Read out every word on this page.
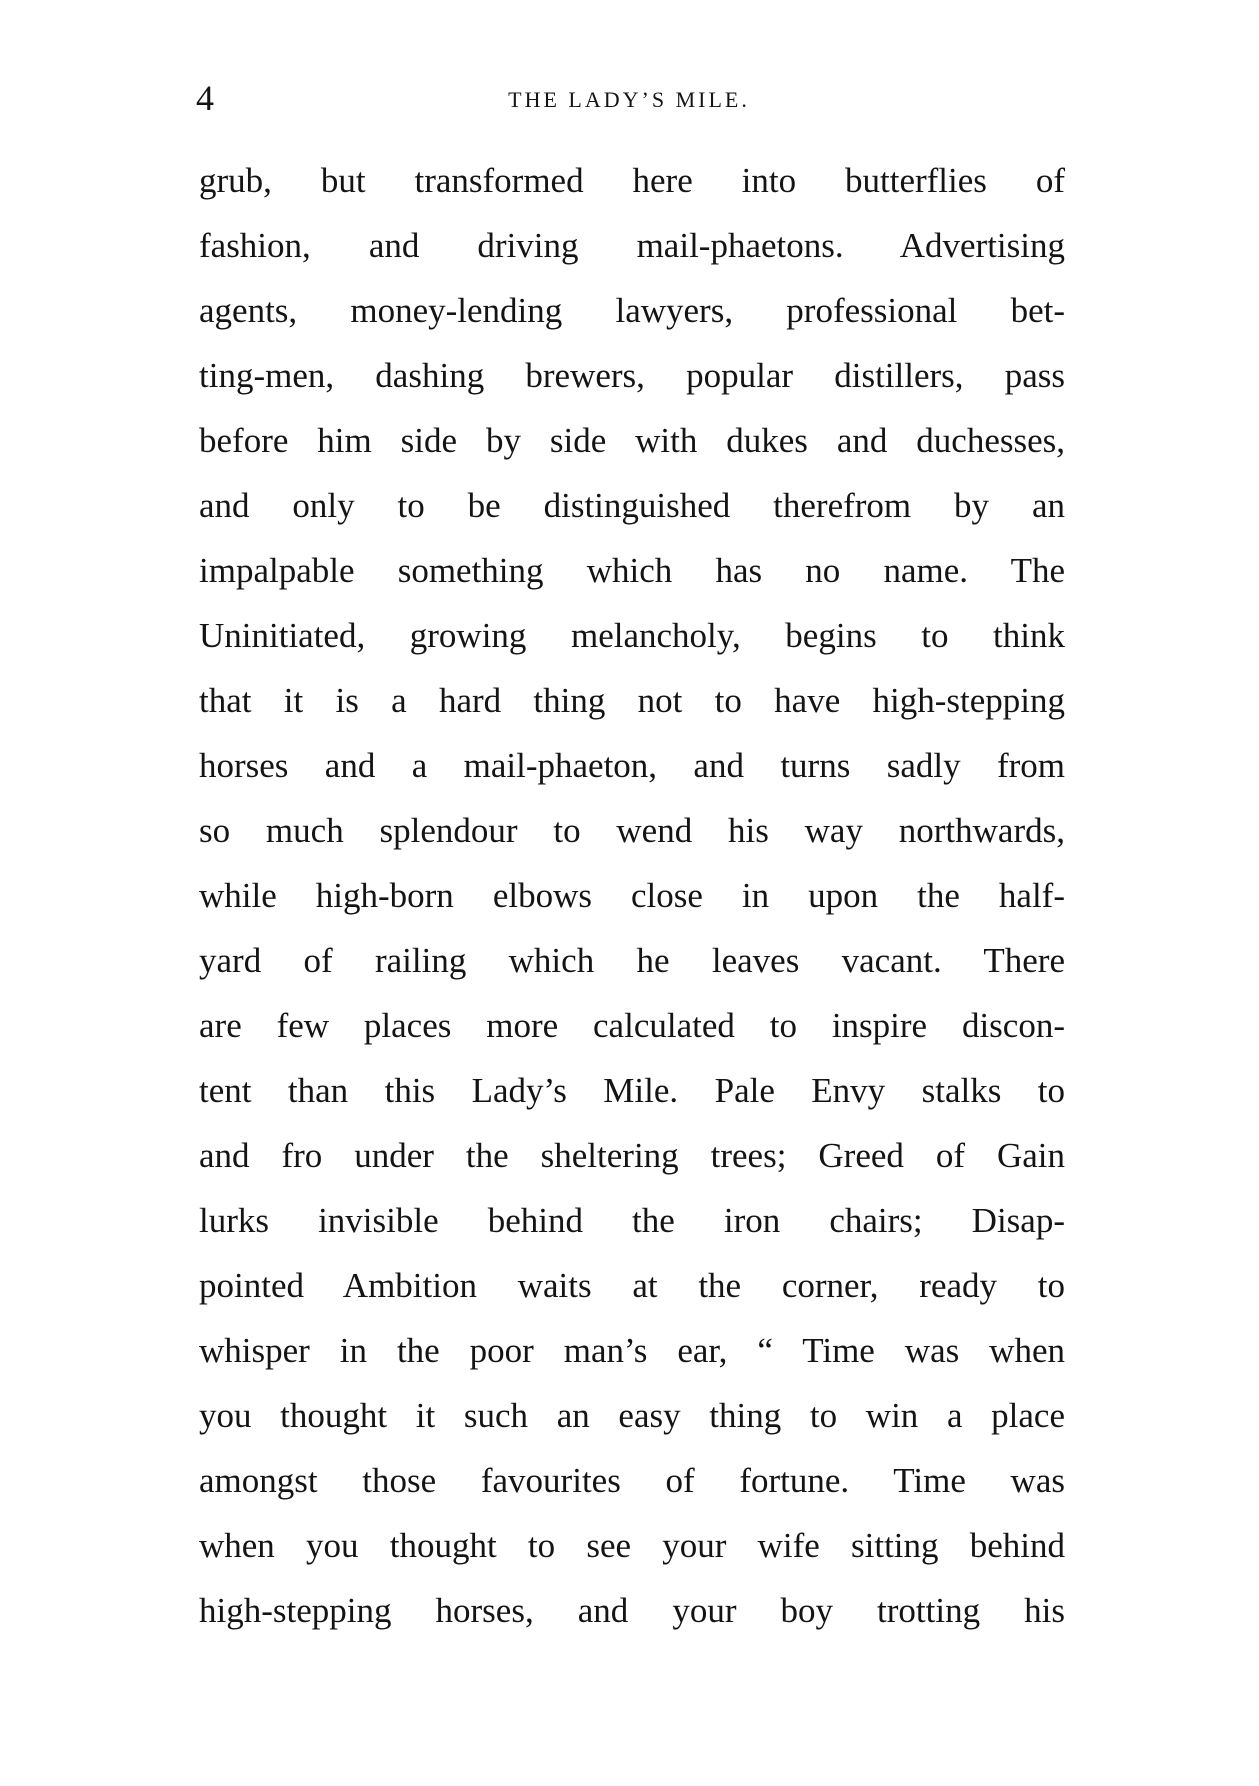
4	THE LADY’S MILE.
grub, but transformed here into butterflies of
fashion, and driving mail-phaetons. Advertising
agents, money-lending lawyers, professional bet-
ting-men, dashing brewers, popular distillers, pass
before him side by side with dukes and duchesses,
and only to be distinguished therefrom by an
impalpable something which has no name. The
Uninitiated, growing melancholy, begins to think
that it is a hard thing not to have high-stepping
horses and a mail-phaeton, and turns sadly from
so much splendour to wend his way northwards,
while high-born elbows close in upon the half-
yard of railing which he leaves vacant. There
are few places more calculated to inspire discon-
tent than this Lady’s Mile. Pale Envy stalks to
and fro under the sheltering trees; Greed of Gain
lurks invisible behind the iron chairs; Disap-
pointed Ambition waits at the corner, ready to
whisper in the poor man’s ear, “ Time was when
you thought it such an easy thing to win a place
amongst those favourites of fortune. Time was
when you thought to see your wife sitting behind
high-stepping horses, and your boy trotting his
